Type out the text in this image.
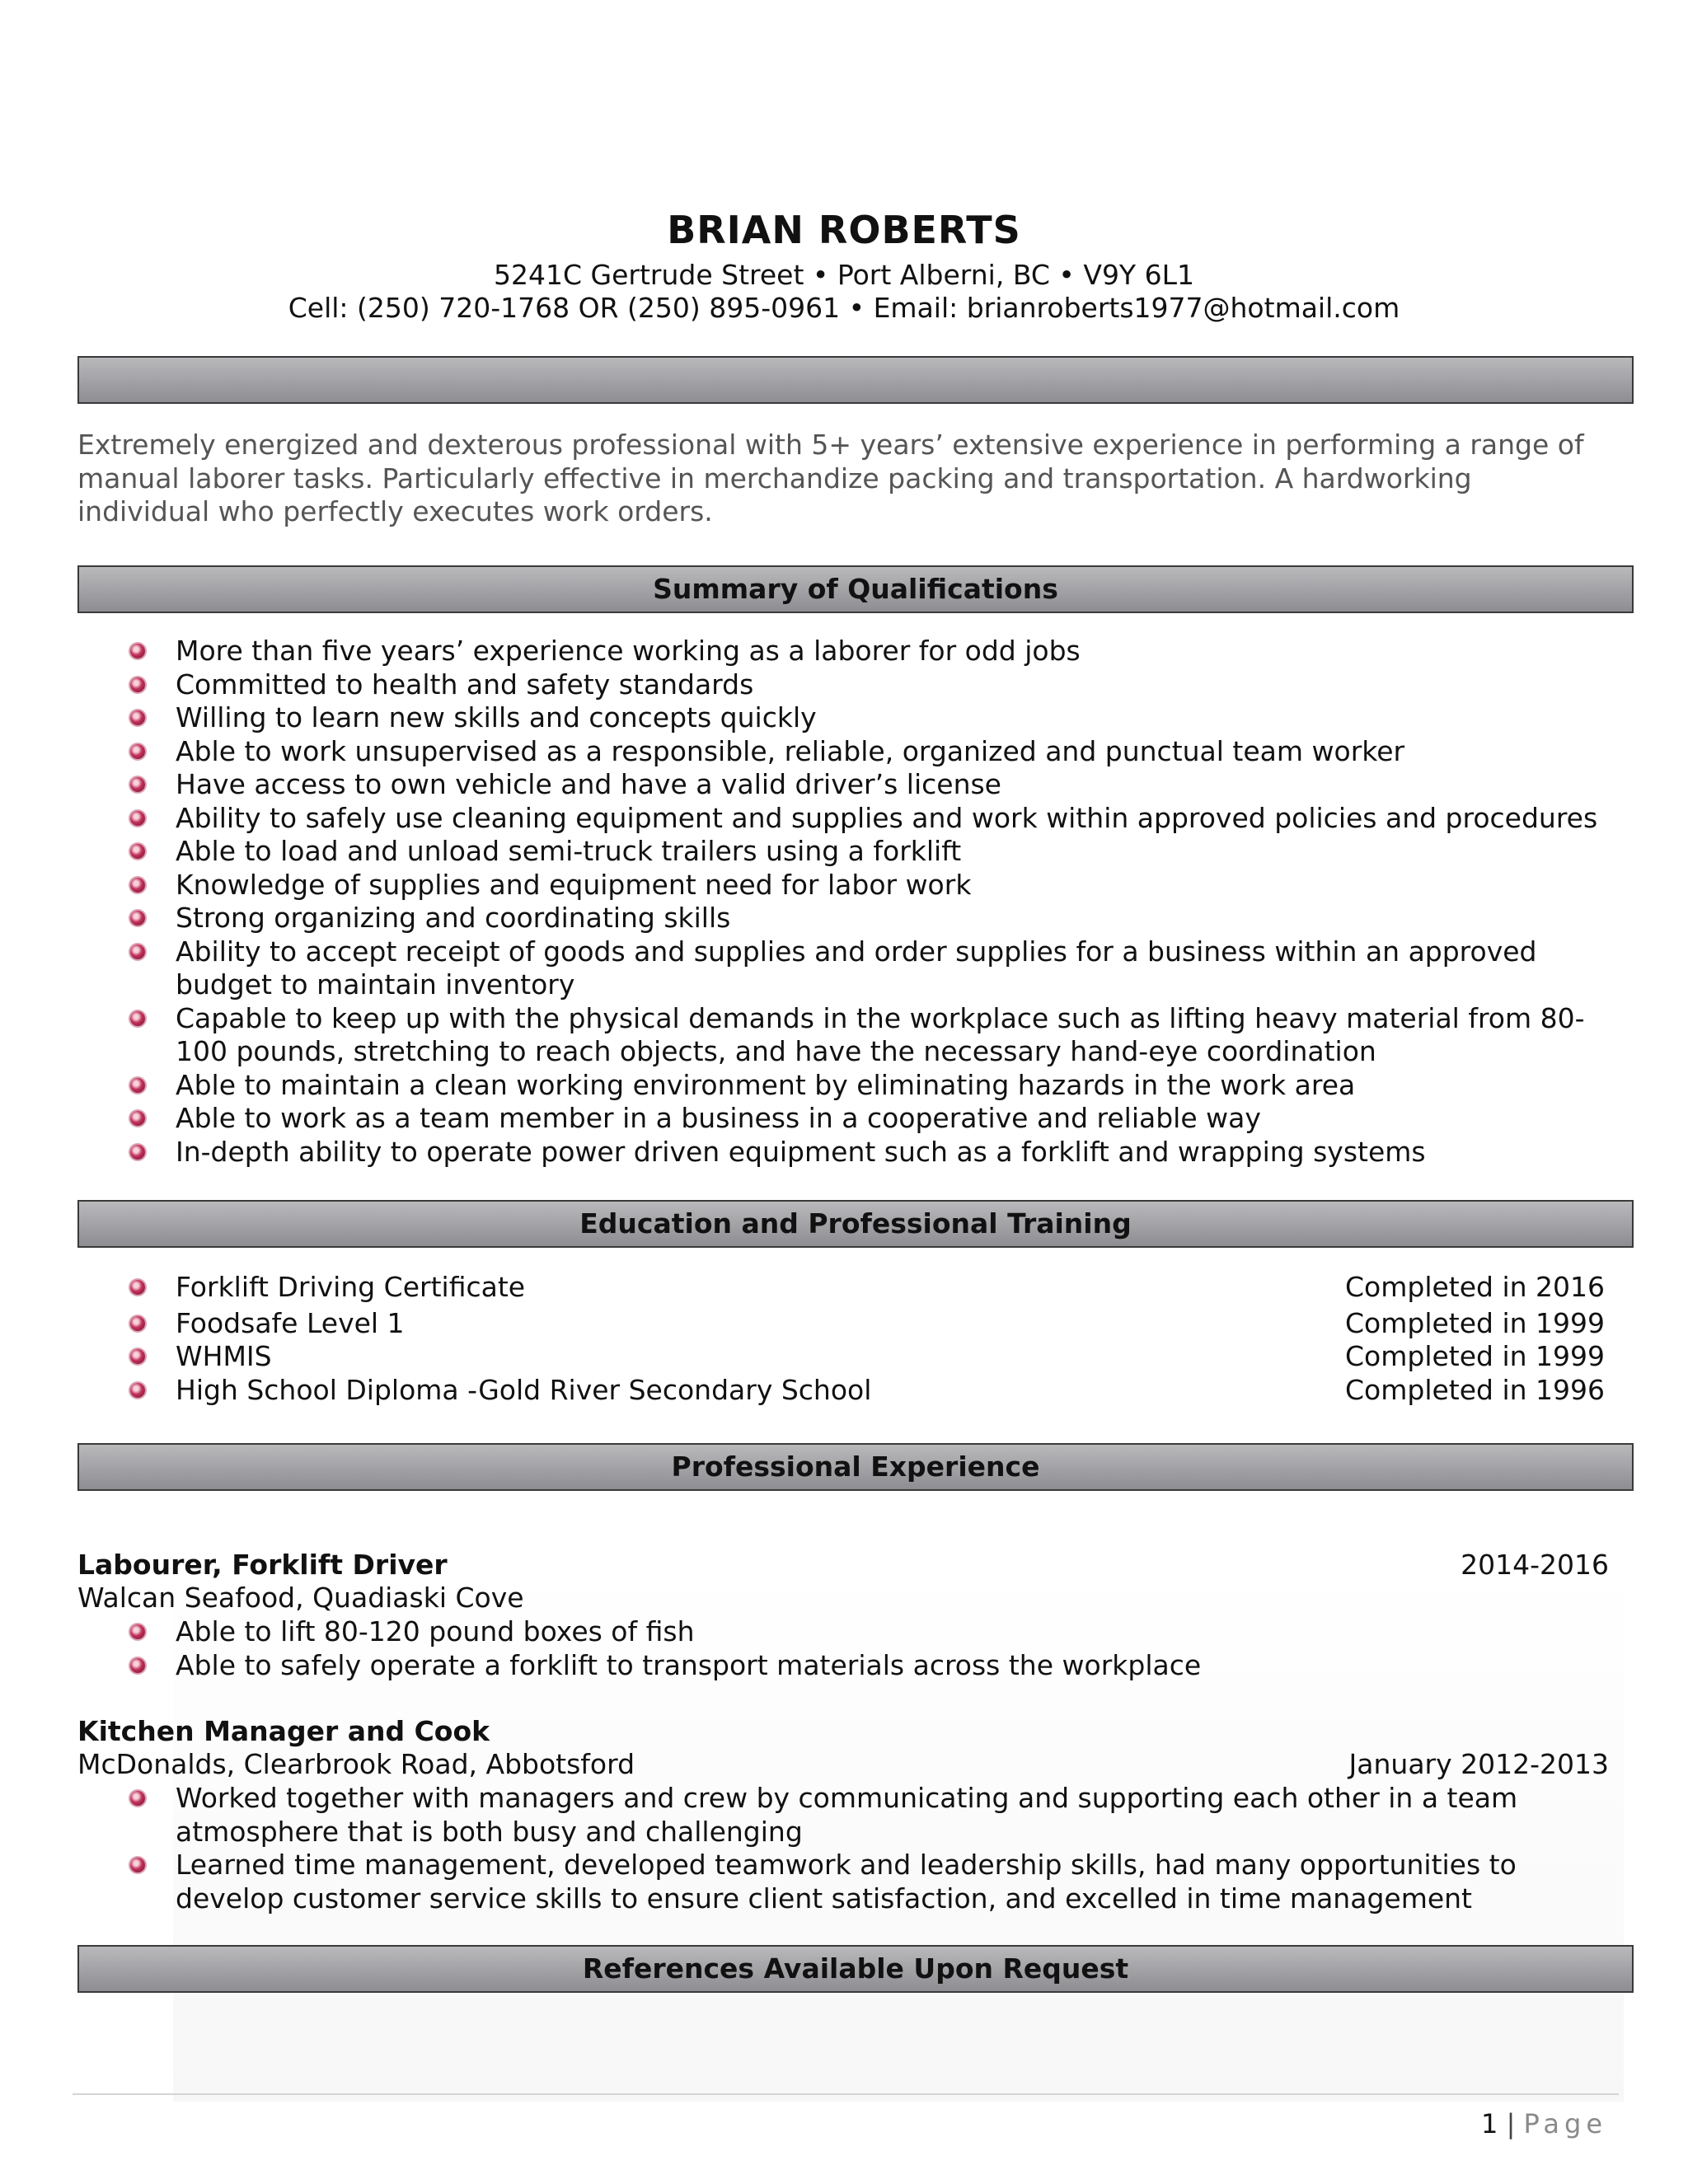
BRIAN ROBERTS
5241C Gertrude Street • Port Alberni, BC • V9Y 6L1
Cell: (250) 720-1768 OR (250) 895-0961 • Email: brianroberts1977@hotmail.com
Extremely energized and dexterous professional with 5+ years’ extensive experience in performing a range of
manual laborer tasks. Particularly effective in merchandize packing and transportation. A hardworking
individual who perfectly executes work orders.
Summary of Qualifications
More than five years’ experience working as a laborer for odd jobs
Committed to health and safety standards
Willing to learn new skills and concepts quickly
Able to work unsupervised as a responsible, reliable, organized and punctual team worker
Have access to own vehicle and have a valid driver’s license
Ability to safely use cleaning equipment and supplies and work within approved policies and procedures
Able to load and unload semi-truck trailers using a forklift
Knowledge of supplies and equipment need for labor work
Strong organizing and coordinating skills
Ability to accept receipt of goods and supplies and order supplies for a business within an approved
budget to maintain inventory
Capable to keep up with the physical demands in the workplace such as lifting heavy material from 80-
100 pounds, stretching to reach objects, and have the necessary hand-eye coordination
Able to maintain a clean working environment by eliminating hazards in the work area
Able to work as a team member in a business in a cooperative and reliable way
In-depth ability to operate power driven equipment such as a forklift and wrapping systems
Education and Professional Training
Forklift Driving Certificate	Completed in 2016
Foodsafe Level 1	Completed in 1999
WHMIS	Completed in 1999
High School Diploma -Gold River Secondary School	Completed in 1996
Professional Experience
Labourer, Forklift Driver	2014-2016
Walcan Seafood, Quadiaski Cove
Able to lift 80-120 pound boxes of fish
Able to safely operate a forklift to transport materials across the workplace
Kitchen Manager and Cook
McDonalds, Clearbrook Road, Abbotsford	January 2012-2013
Worked together with managers and crew by communicating and supporting each other in a team
atmosphere that is both busy and challenging
Learned time management, developed teamwork and leadership skills, had many opportunities to
develop customer service skills to ensure client satisfaction, and excelled in time management
References Available Upon Request
1 | Page
